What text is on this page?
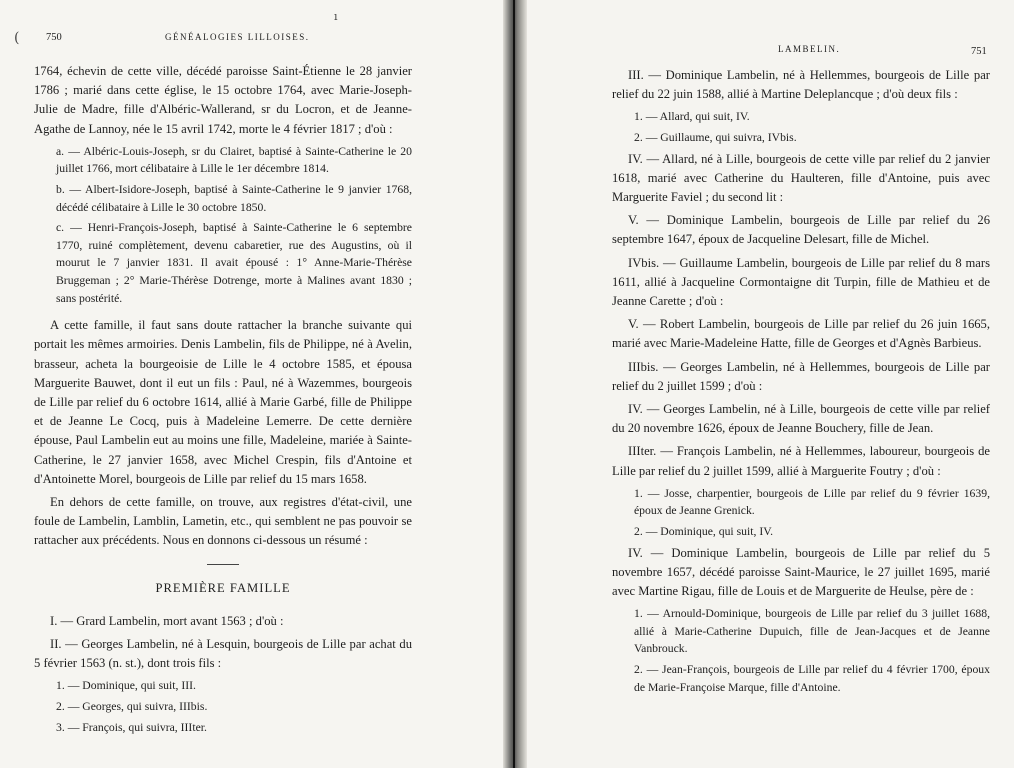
(	750	GÉNÉALOGIES LILLOISES.
ı

1764, échevin de cette ville, décédé paroisse Saint-Étienne le 28 janvier 1786 ; marié dans cette église, le 15 octobre 1764, avec Marie-Joseph-Julie de Madre, fille d'Albéric-Wallerand, sr du Locron, et de Jeanne-Agathe de Lannoy, née le 15 avril 1742, morte le 4 février 1817 ; d'où :

a. — Albéric-Louis-Joseph, sr du Clairet, baptisé à Sainte-Catherine le 20 juillet 1766, mort célibataire à Lille le 1er décembre 1814.

b. — Albert-Isidore-Joseph, baptisé à Sainte-Catherine le 9 janvier 1768, décédé célibataire à Lille le 30 octobre 1850.

c. — Henri-François-Joseph, baptisé à Sainte-Catherine le 6 septembre 1770, ruiné complètement, devenu cabaretier, rue des Augustins, où il mourut le 7 janvier 1831. Il avait épousé : 1° Anne-Marie-Thérèse Bruggeman ; 2° Marie-Thérèse Dotrenge, morte à Malines avant 1830 ; sans postérité.

A cette famille, il faut sans doute rattacher la branche suivante qui portait les mêmes armoiries. Denis Lambelin, fils de Philippe, né à Avelin, brasseur, acheta la bourgeoisie de Lille le 4 octobre 1585, et épousa Marguerite Bauwet, dont il eut un fils : Paul, né à Wazemmes, bourgeois de Lille par relief du 6 octobre 1614, allié à Marie Garbé, fille de Philippe et de Jeanne Le Cocq, puis à Madeleine Lemerre. De cette dernière épouse, Paul Lambelin eut au moins une fille, Madeleine, mariée à Sainte-Catherine, le 27 janvier 1658, avec Michel Crespin, fils d'Antoine et d'Antoinette Morel, bourgeois de Lille par relief du 15 mars 1658.

En dehors de cette famille, on trouve, aux registres d'état-civil, une foule de Lambelin, Lamblin, Lametin, etc., qui semblent ne pas pouvoir se rattacher aux précédents. Nous en donnons ci-dessous un résumé :

PREMIÈRE FAMILLE

I. — Grard Lambelin, mort avant 1563 ; d'où :

II. — Georges Lambelin, né à Lesquin, bourgeois de Lille par achat du 5 février 1563 (n. st.), dont trois fils :

1. — Dominique, qui suit, III.

2. — Georges, qui suivra, IIIbis.

3. — François, qui suivra, IIIter.

LAMBELIN.	751

III. — Dominique Lambelin, né à Hellemmes, bourgeois de Lille par relief du 22 juin 1588, allié à Martine Deleplancque ; d'où deux fils :

1. — Allard, qui suit, IV.

2. — Guillaume, qui suivra, IVbis.

IV. — Allard, né à Lille, bourgeois de cette ville par relief du 2 janvier 1618, marié avec Catherine du Haulteren, fille d'Antoine, puis avec Marguerite Faviel ; du second lit :

V. — Dominique Lambelin, bourgeois de Lille par relief du 26 septembre 1647, époux de Jacqueline Delesart, fille de Michel.

IVbis. — Guillaume Lambelin, bourgeois de Lille par relief du 8 mars 1611, allié à Jacqueline Cormontaigne dit Turpin, fille de Mathieu et de Jeanne Carette ; d'où :

V. — Robert Lambelin, bourgeois de Lille par relief du 26 juin 1665, marié avec Marie-Madeleine Hatte, fille de Georges et d'Agnès Barbieus.

IIIbis. — Georges Lambelin, né à Hellemmes, bourgeois de Lille par relief du 2 juillet 1599 ; d'où :

IV. — Georges Lambelin, né à Lille, bourgeois de cette ville par relief du 20 novembre 1626, époux de Jeanne Bouchery, fille de Jean.

IIIter. — François Lambelin, né à Hellemmes, laboureur, bourgeois de Lille par relief du 2 juillet 1599, allié à Marguerite Foutry ; d'où :

1. — Josse, charpentier, bourgeois de Lille par relief du 9 février 1639, époux de Jeanne Grenick.

2. — Dominique, qui suit, IV.

IV. — Dominique Lambelin, bourgeois de Lille par relief du 5 novembre 1657, décédé paroisse Saint-Maurice, le 27 juillet 1695, marié avec Martine Rigau, fille de Louis et de Marguerite de Heulse, père de :

1. — Arnould-Dominique, bourgeois de Lille par relief du 3 juillet 1688, allié à Marie-Catherine Dupuich, fille de Jean-Jacques et de Jeanne Vanbrouck.

2. — Jean-François, bourgeois de Lille par relief du 4 février 1700, époux de Marie-Françoise Marque, fille d'Antoine.
